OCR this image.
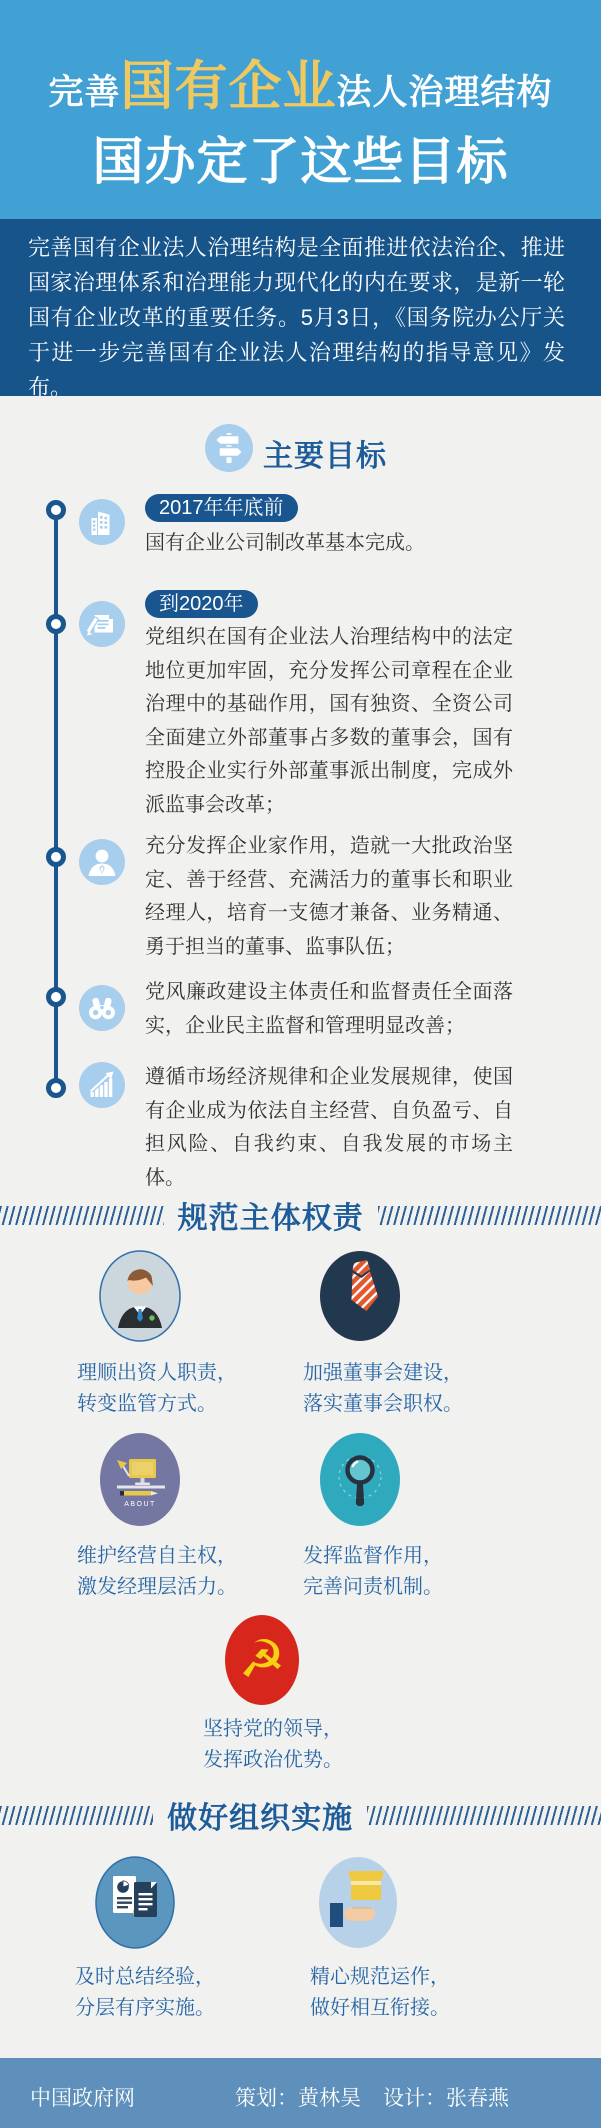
完善国有企业法人治理结构
国办定了这些目标

完善国有企业法人治理结构是全面推进依法治企、推进国家治理体系和治理能力现代化的内在要求，是新一轮国有企业改革的重要任务。5月3日，《国务院办公厅关于进一步完善国有企业法人治理结构的指导意见》发布。

主要目标
2017年年底前
国有企业公司制改革基本完成。
到2020年
党组织在国有企业法人治理结构中的法定地位更加牢固，充分发挥公司章程在企业治理中的基础作用，国有独资、全资公司全面建立外部董事占多数的董事会，国有控股企业实行外部董事派出制度，完成外派监事会改革；
充分发挥企业家作用，造就一大批政治坚定、善于经营、充满活力的董事长和职业经理人，培育一支德才兼备、业务精通、勇于担当的董事、监事队伍；
党风廉政建设主体责任和监督责任全面落实，企业民主监督和管理明显改善；
遵循市场经济规律和企业发展规律，使国有企业成为依法自主经营、自负盈亏、自担风险、自我约束、自我发展的市场主体。
规范主体权责
理顺出资人职责，
转变监管方式。
加强董事会建设，
落实董事会职权。
ABOUT
维护经营自主权，
激发经理层活力。
发挥监督作用，
完善问责机制。
☭
坚持党的领导，
发挥政治优势。
做好组织实施
及时总结经验，
分层有序实施。
精心规范运作，
做好相互衔接。
中国政府网	策划：黄林昊 设计：张春燕
